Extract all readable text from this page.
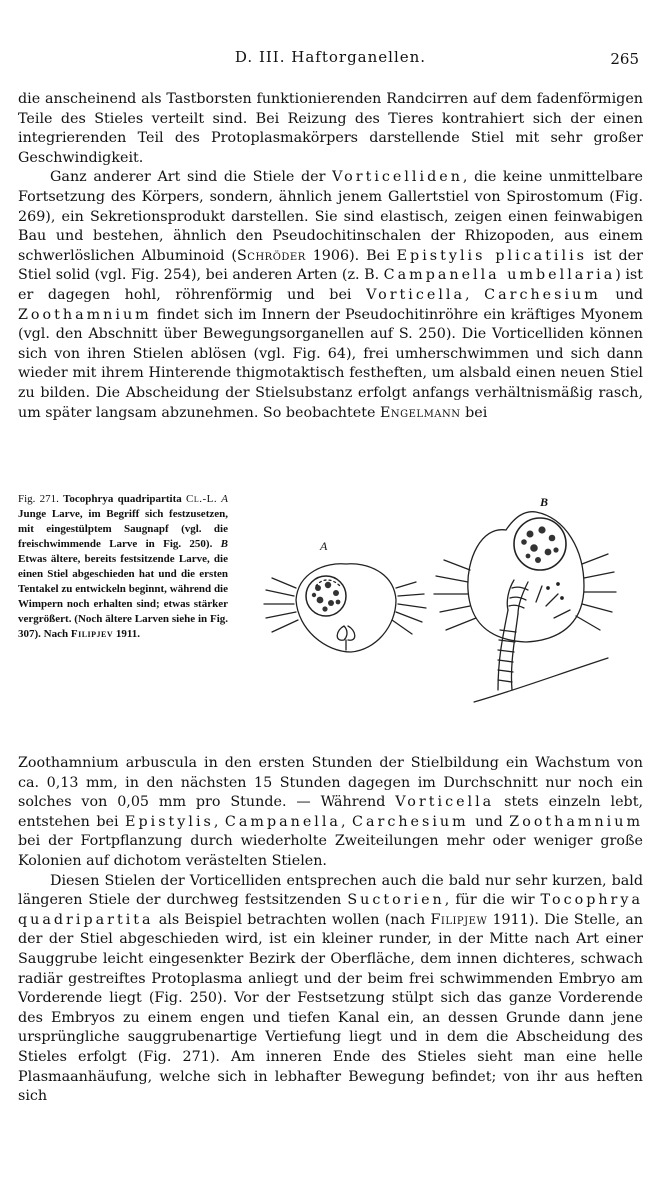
D. III. Haftorganellen.	265

die anscheinend als Tastborsten funktionierenden Randcirren auf dem fadenförmigen Teile des Stieles verteilt sind. Bei Reizung des Tieres kontrahiert sich der einen integrierenden Teil des Protoplasmakörpers darstellende Stiel mit sehr großer Geschwindigkeit.

Ganz anderer Art sind die Stiele der Vorticelliden, die keine unmittelbare Fortsetzung des Körpers, sondern, ähnlich jenem Gallertstiel von Spirostomum (Fig. 269), ein Sekretionsprodukt darstellen. Sie sind elastisch, zeigen einen feinwabigen Bau und bestehen, ähnlich den Pseudochitinschalen der Rhizopoden, aus einem schwerlöslichen Albuminoid (Schröder 1906). Bei Epistylis plicatilis ist der Stiel solid (vgl. Fig. 254), bei anderen Arten (z. B. Campanella umbellaria) ist er dagegen hohl, röhrenförmig und bei Vorticella, Carchesium und Zoothamnium findet sich im Innern der Pseudochitinröhre ein kräftiges Myonem (vgl. den Abschnitt über Bewegungsorganellen auf S. 250). Die Vorticelliden können sich von ihren Stielen ablösen (vgl. Fig. 64), frei umherschwimmen und sich dann wieder mit ihrem Hinterende thigmotaktisch festheften, um alsbald einen neuen Stiel zu bilden. Die Abscheidung der Stielsubstanz erfolgt anfangs verhältnismäßig rasch, um später langsam abzunehmen. So beobachtete Engelmann bei

Fig. 271. Tocophrya quadripartita Cl.-L. A Junge Larve, im Begriff sich festzusetzen, mit eingestülptem Saugnapf (vgl. die freischwimmende Larve in Fig. 250). B Etwas ältere, bereits festsitzende Larve, die einen Stiel abgeschieden hat und die ersten Tentakel zu entwickeln beginnt, während die Wimpern noch erhalten sind; etwas stärker vergrößert. (Noch ältere Larven siehe in Fig. 307). Nach Filipjev 1911.
A
B

Zoothamnium arbuscula in den ersten Stunden der Stielbildung ein Wachstum von ca. 0,13 mm, in den nächsten 15 Stunden dagegen im Durchschnitt nur noch ein solches von 0,05 mm pro Stunde. — Während Vorticella stets einzeln lebt, entstehen bei Epistylis, Campanella, Carchesium und Zoothamnium bei der Fortpflanzung durch wiederholte Zweiteilungen mehr oder weniger große Kolonien auf dichotom verästelten Stielen.

Diesen Stielen der Vorticelliden entsprechen auch die bald nur sehr kurzen, bald längeren Stiele der durchweg festsitzenden Suctorien, für die wir Tocophrya quadripartita als Beispiel betrachten wollen (nach Filipjew 1911). Die Stelle, an der der Stiel abgeschieden wird, ist ein kleiner runder, in der Mitte nach Art einer Sauggrube leicht eingesenkter Bezirk der Oberfläche, dem innen dichteres, schwach radiär gestreiftes Protoplasma anliegt und der beim frei schwimmenden Embryo am Vorderende liegt (Fig. 250). Vor der Festsetzung stülpt sich das ganze Vorderende des Embryos zu einem engen und tiefen Kanal ein, an dessen Grunde dann jene ursprüngliche sauggrubenartige Vertiefung liegt und in dem die Abscheidung des Stieles erfolgt (Fig. 271). Am inneren Ende des Stieles sieht man eine helle Plasmaanhäufung, welche sich in lebhafter Bewegung befindet; von ihr aus heften sich
